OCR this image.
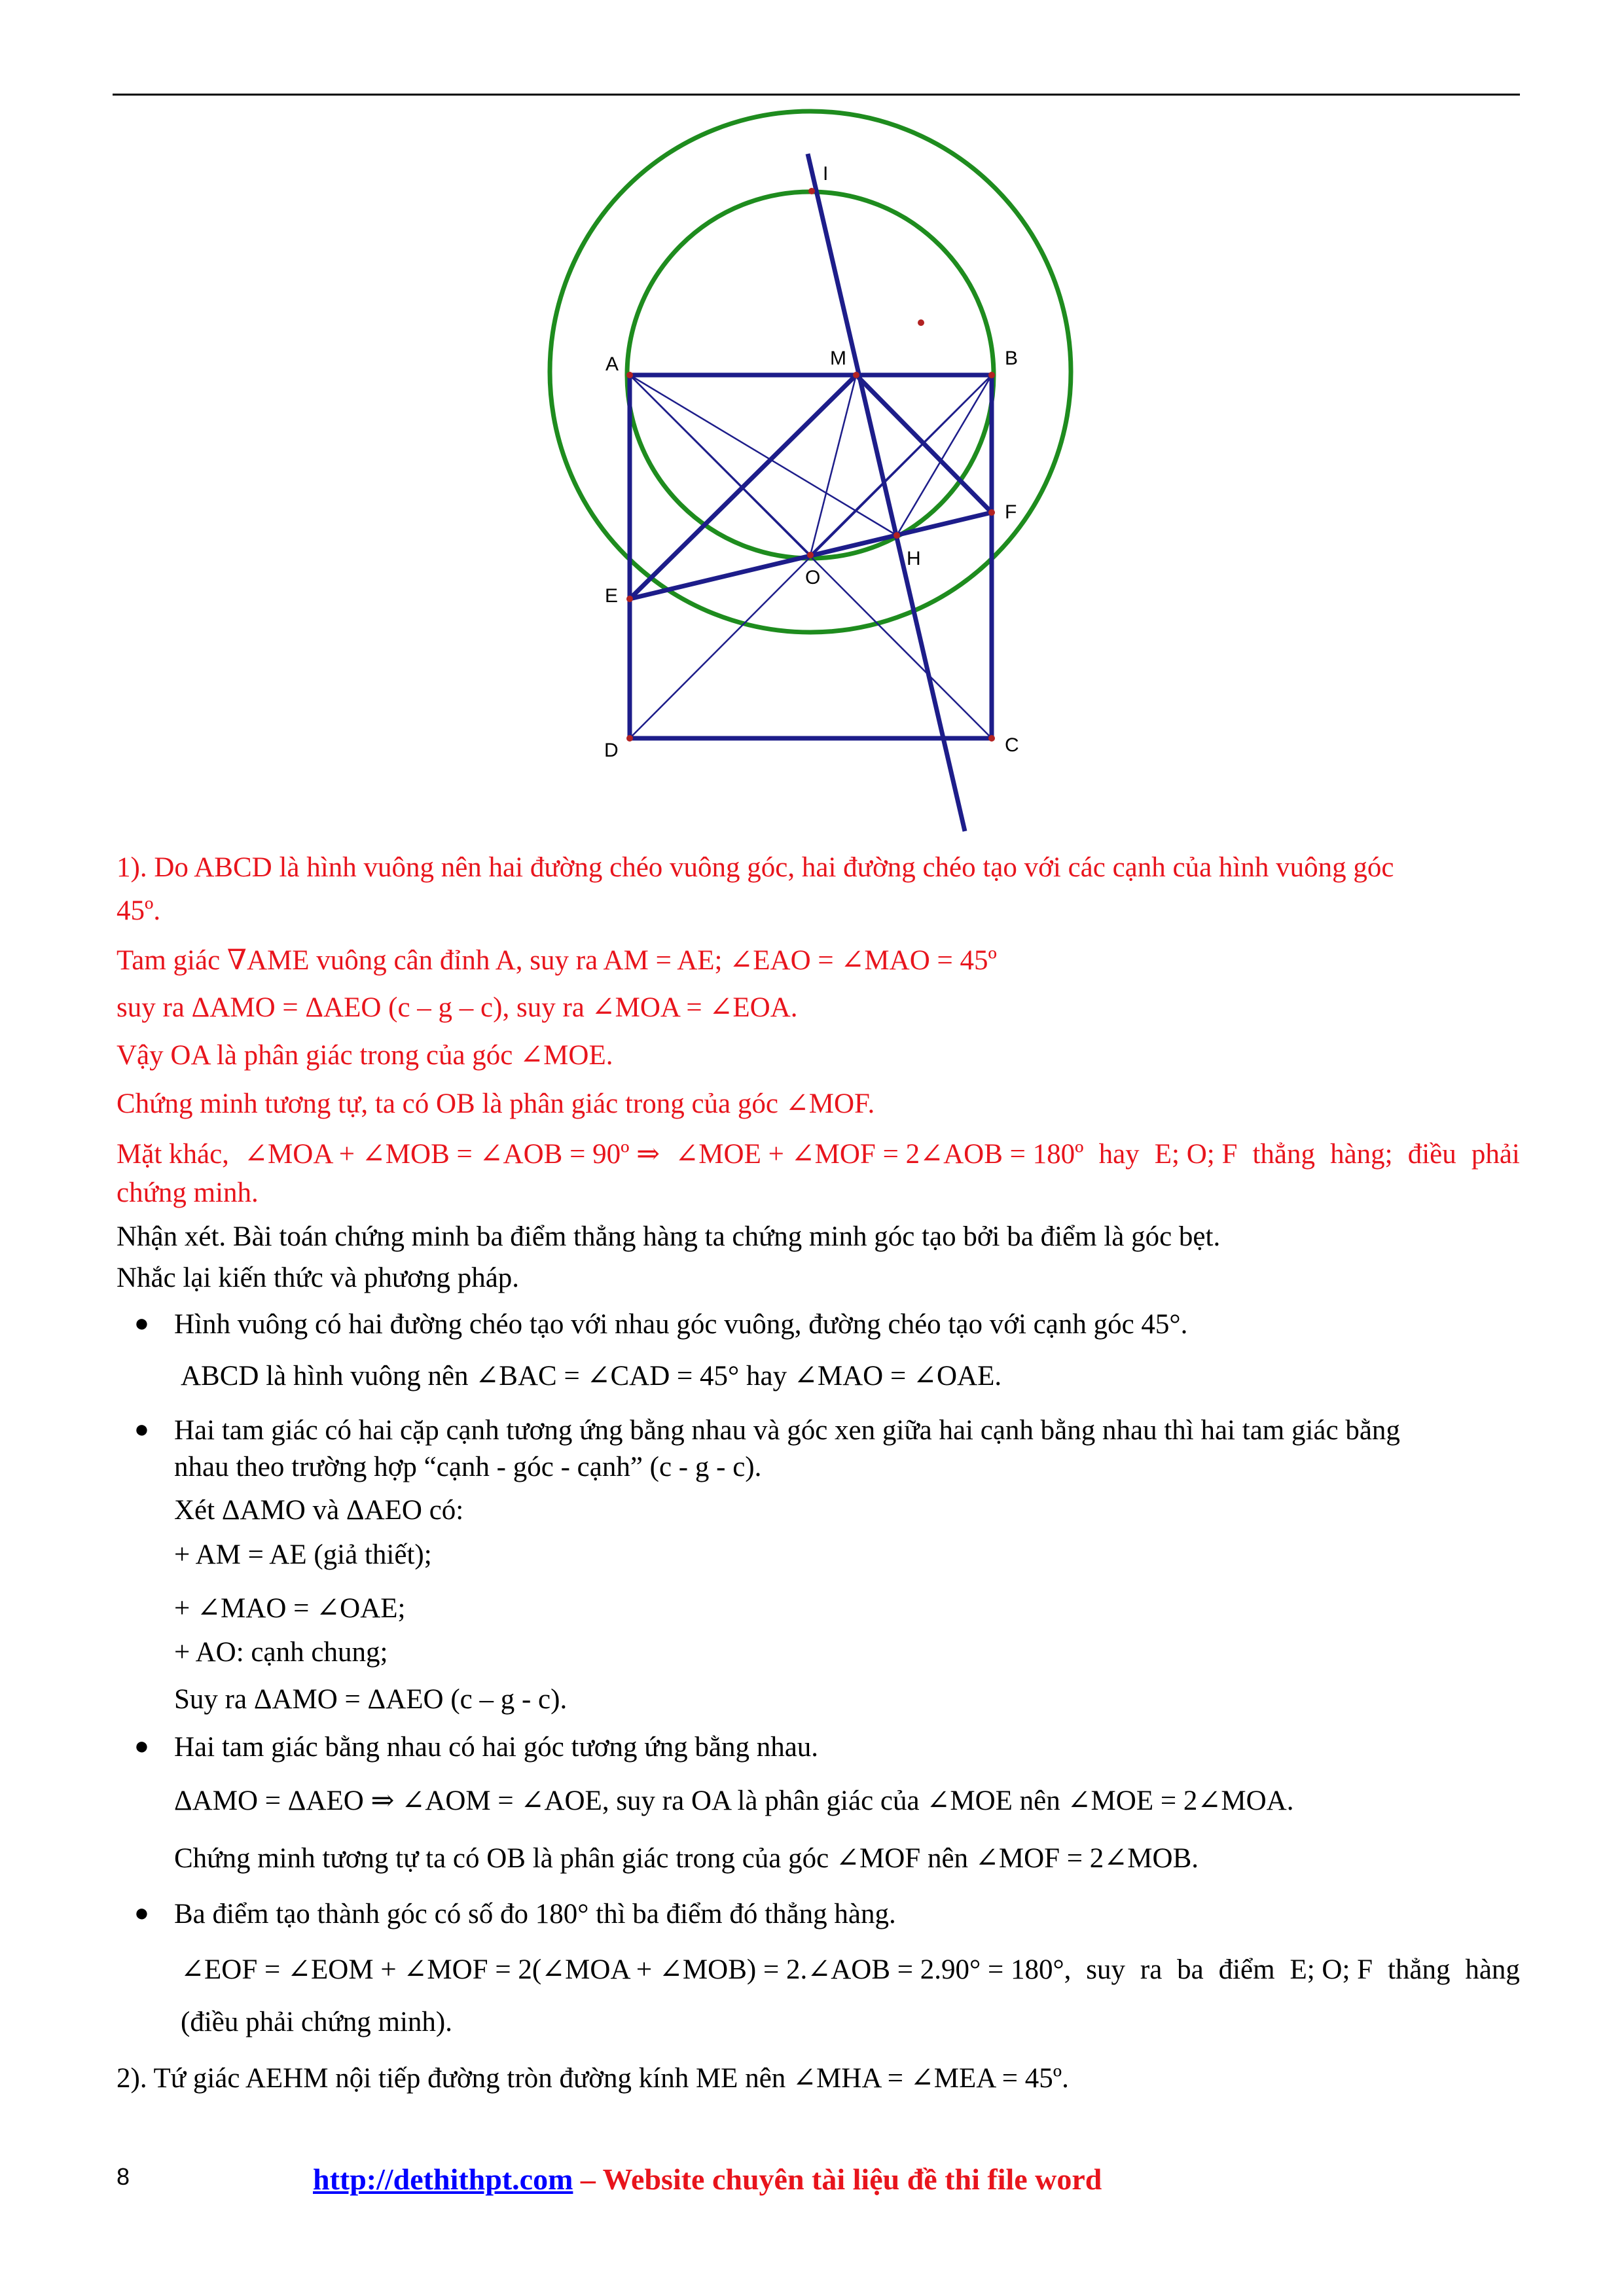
I
A	M	B
F
H
O
E
D	C
1). Do ABCD là hình vuông nên hai đường chéo vuông góc, hai đường chéo tạo với các cạnh của hình vuông góc
45º.
Tam giác ∇AME vuông cân đỉnh A, suy ra AM = AE; ∠EAO = ∠MAO = 45º
suy ra ΔAMO = ΔAEO (c – g – c), suy ra ∠MOA = ∠EOA.
Vậy OA là phân giác trong của góc ∠MOE.
Chứng minh tương tự, ta có OB là phân giác trong của góc ∠MOF.
Mặt khác, ∠MOA + ∠MOB = ∠AOB = 90º ⇒ ∠MOE + ∠MOF = 2∠AOB = 180º hay E; O; F thẳng hàng; điều phải
chứng minh.
Nhận xét. Bài toán chứng minh ba điểm thẳng hàng ta chứng minh góc tạo bởi ba điểm là góc bẹt.
Nhắc lại kiến thức và phương pháp.
● Hình vuông có hai đường chéo tạo với nhau góc vuông, đường chéo tạo với cạnh góc 45°.
ABCD là hình vuông nên ∠BAC = ∠CAD = 45° hay ∠MAO = ∠OAE.
● Hai tam giác có hai cặp cạnh tương ứng bằng nhau và góc xen giữa hai cạnh bằng nhau thì hai tam giác bằng
nhau theo trường hợp “cạnh - góc - cạnh” (c - g - c).
Xét ΔAMO và ΔAEO có:
+ AM = AE (giả thiết);
+ ∠MAO = ∠OAE;
+ AO: cạnh chung;
Suy ra ΔAMO = ΔAEO (c – g - c).
● Hai tam giác bằng nhau có hai góc tương ứng bằng nhau.
ΔAMO = ΔAEO ⇒ ∠AOM = ∠AOE, suy ra OA là phân giác của ∠MOE nên ∠MOE = 2∠MOA.
Chứng minh tương tự ta có OB là phân giác trong của góc ∠MOF nên ∠MOF = 2∠MOB.
● Ba điểm tạo thành góc có số đo 180° thì ba điểm đó thẳng hàng.
∠EOF = ∠EOM + ∠MOF = 2(∠MOA + ∠MOB) = 2.∠AOB = 2.90° = 180°, suy ra ba điểm E; O; F thẳng hàng
(điều phải chứng minh).
2). Tứ giác AEHM nội tiếp đường tròn đường kính ME nên ∠MHA = ∠MEA = 45º.
8	http://dethithpt.com – Website chuyên tài liệu đề thi file word
